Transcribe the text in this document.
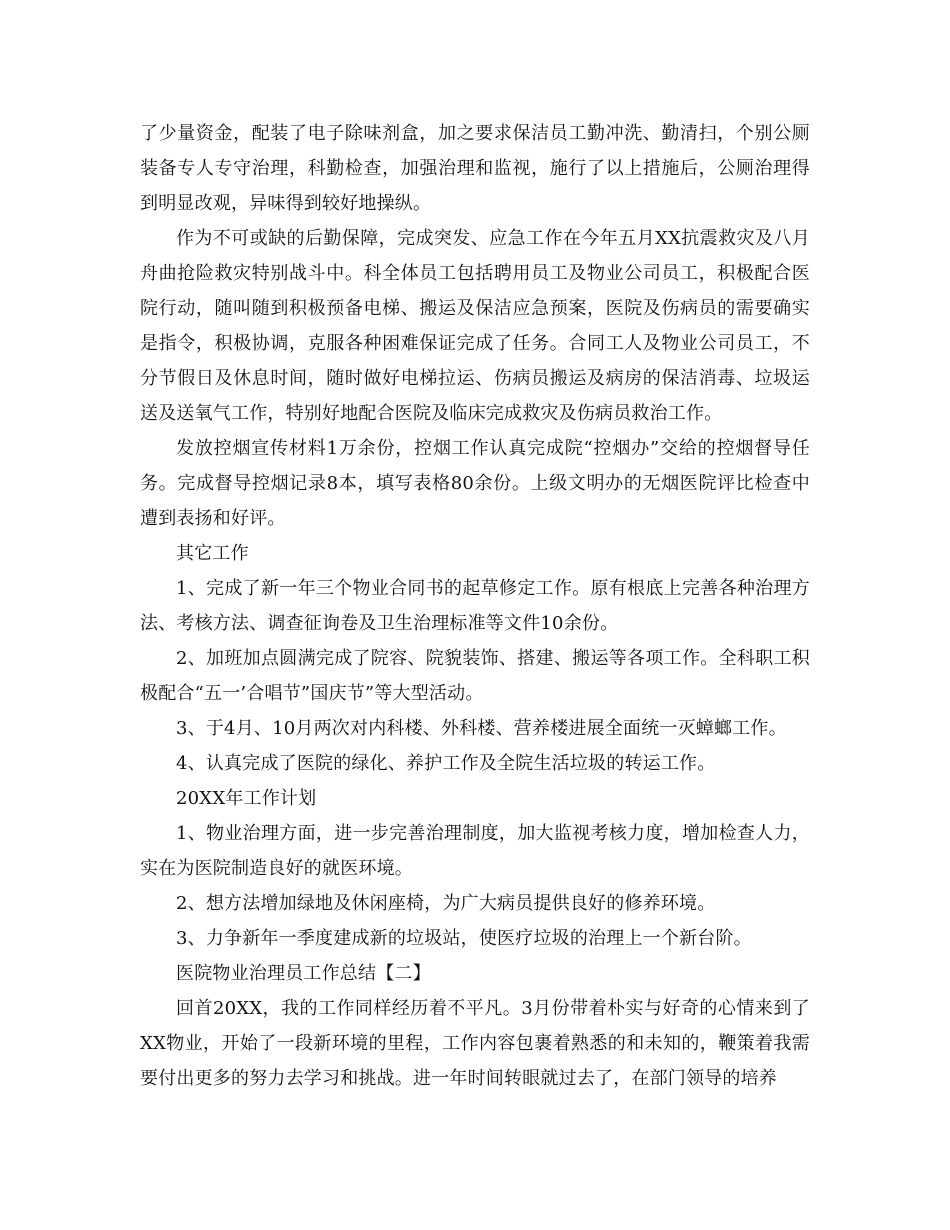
了少量资金，配装了电子除味剂盒，加之要求保洁员工勤冲洗、勤清扫，个别公厕装备专人专守治理，科勤检查，加强治理和监视，施行了以上措施后，公厕治理得到明显改观，异味得到较好地操纵。

作为不可或缺的后勤保障，完成突发、应急工作在今年五月XX抗震救灾及八月舟曲抢险救灾特别战斗中。科全体员工包括聘用员工及物业公司员工，积极配合医院行动，随叫随到积极预备电梯、搬运及保洁应急预案，医院及伤病员的需要确实是指令，积极协调，克服各种困难保证完成了任务。合同工人及物业公司员工，不分节假日及休息时间，随时做好电梯拉运、伤病员搬运及病房的保洁消毒、垃圾运送及送氧气工作，特别好地配合医院及临床完成救灾及伤病员救治工作。

发放控烟宣传材料1万余份，控烟工作认真完成院“控烟办”交给的控烟督导任务。完成督导控烟记录8本，填写表格80余份。上级文明办的无烟医院评比检查中遭到表扬和好评。

其它工作

1、完成了新一年三个物业合同书的起草修定工作。原有根底上完善各种治理方法、考核方法、调查征询卷及卫生治理标准等文件10余份。

2、加班加点圆满完成了院容、院貌装饰、搭建、搬运等各项工作。全科职工积极配合“五一’合唱节”国庆节”等大型活动。

3、于4月、10月两次对内科楼、外科楼、营养楼进展全面统一灭蟑螂工作。

4、认真完成了医院的绿化、养护工作及全院生活垃圾的转运工作。

20XX年工作计划

1、物业治理方面，进一步完善治理制度，加大监视考核力度，增加检查人力，实在为医院制造良好的就医环境。

2、想方法增加绿地及休闲座椅，为广大病员提供良好的修养环境。

3、力争新年一季度建成新的垃圾站，使医疗垃圾的治理上一个新台阶。

医院物业治理员工作总结【二】

回首20XX，我的工作同样经历着不平凡。3月份带着朴实与好奇的心情来到了XX物业，开始了一段新环境的里程，工作内容包裹着熟悉的和未知的，鞭策着我需要付出更多的努力去学习和挑战。进一年时间转眼就过去了，在部门领导的培养
